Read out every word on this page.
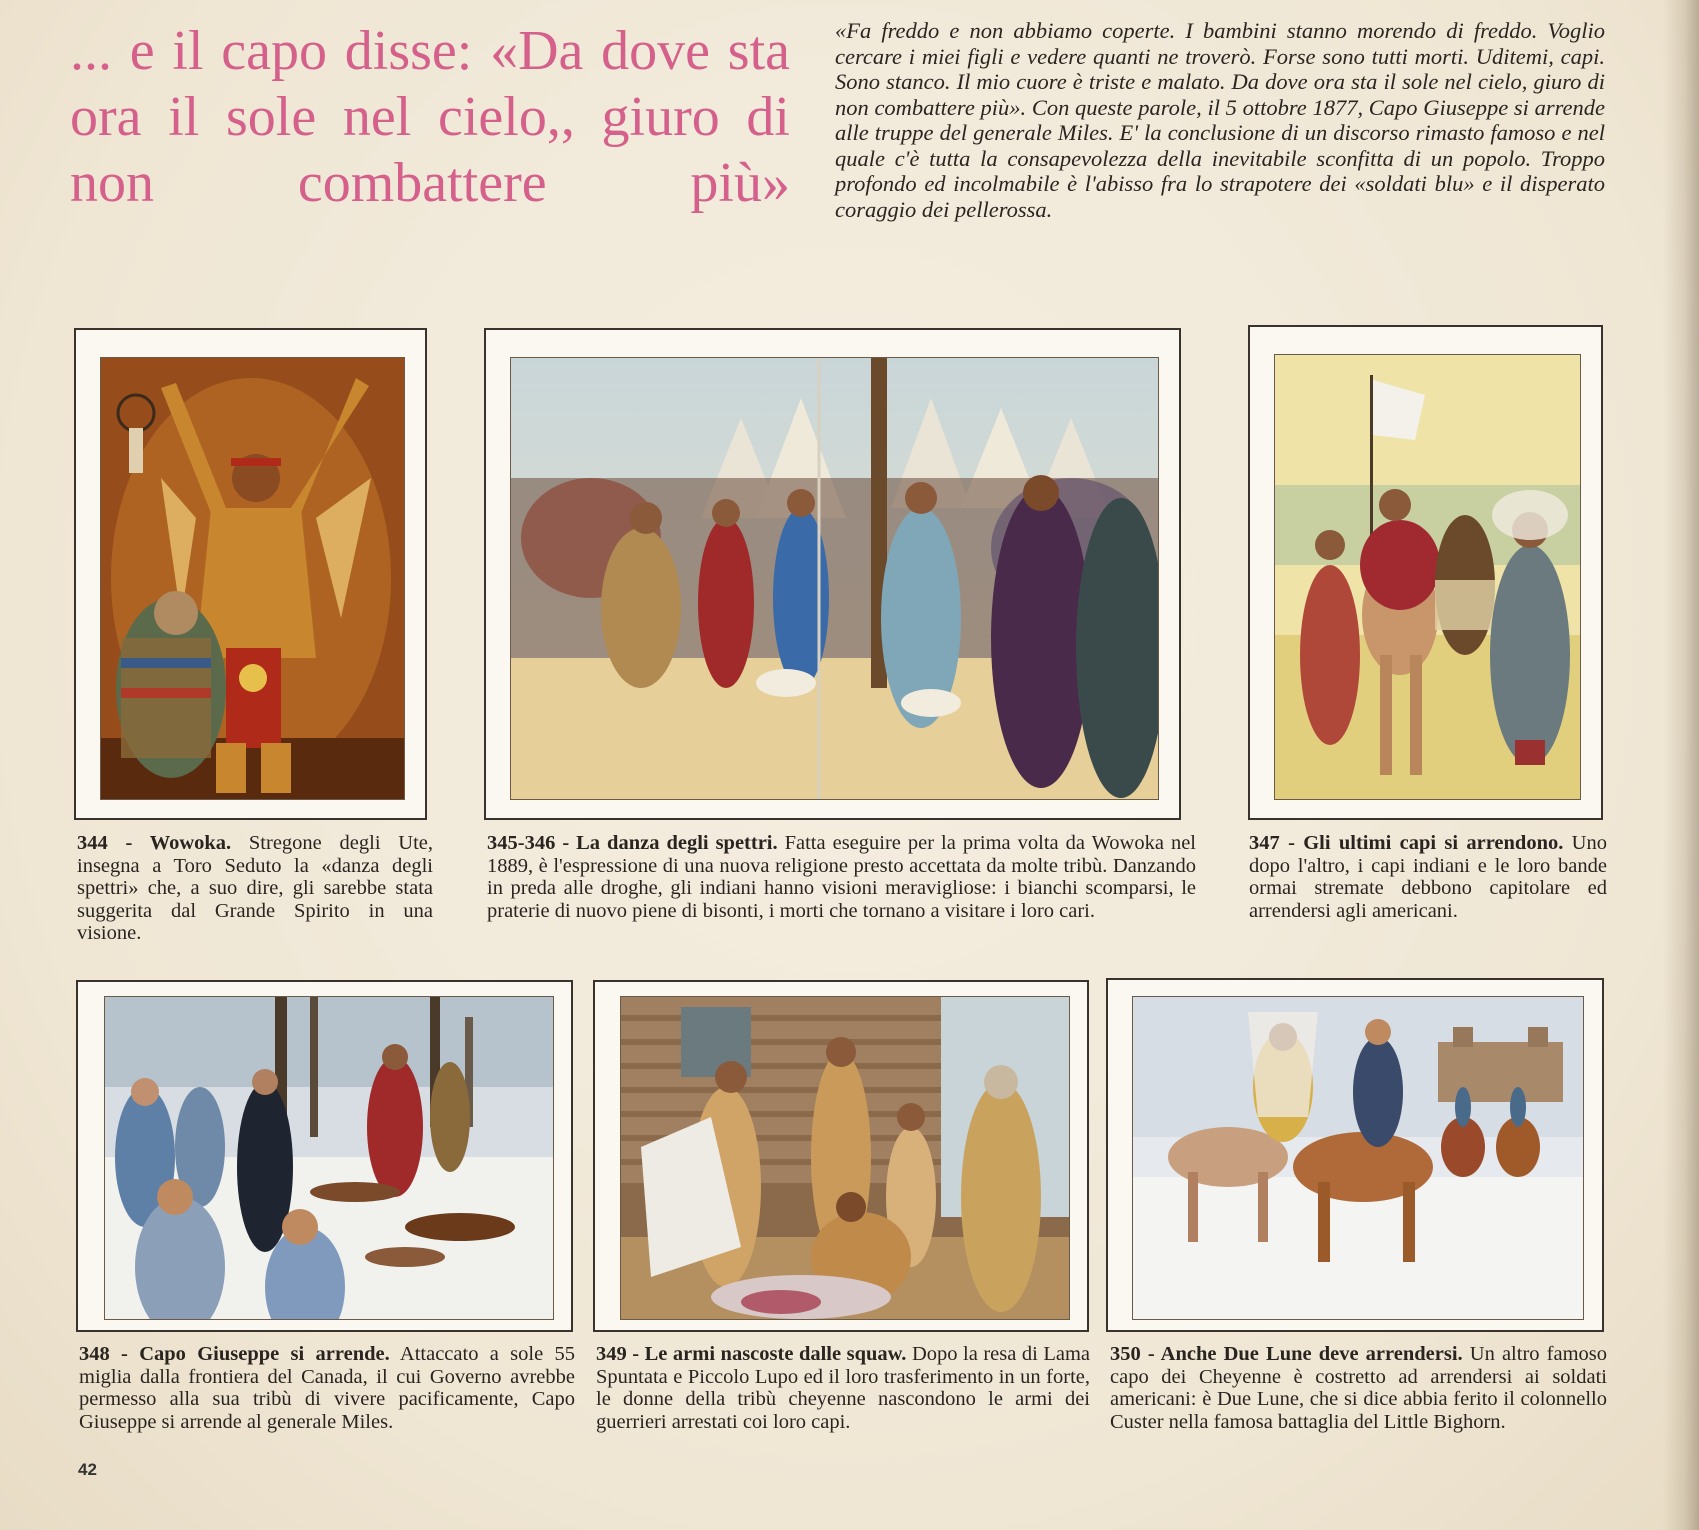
... e il capo disse: «Da dove sta ora il sole nel cielo,, giuro di non combattere più»

«Fa freddo e non abbiamo coperte. I bambini stanno morendo di freddo. Voglio cercare i miei figli e vedere quanti ne troverò. Forse sono tutti morti. Uditemi, capi. Sono stanco. Il mio cuore è triste e malato. Da dove ora sta il sole nel cielo, giuro di non combattere più». Con queste parole, il 5 ottobre 1877, Capo Giuseppe si arrende alle truppe del generale Miles. E' la conclusione di un discorso rimasto famoso e nel quale c'è tutta la consapevolezza della inevitabile sconfitta di un popolo. Troppo profondo ed incolmabile è l'abisso fra lo strapotere dei «soldati blu» e il disperato coraggio dei pellerossa.

344 - Wowoka. Stregone degli Ute, insegna a Toro Seduto la «danza degli spettri» che, a suo dire, gli sarebbe stata suggerita dal Grande Spirito in una visione.

345-346 - La danza degli spettri. Fatta eseguire per la prima volta da Wowoka nel 1889, è l'espressione di una nuova religione presto accettata da molte tribù. Danzando in preda alle droghe, gli indiani hanno visioni meravigliose: i bianchi scomparsi, le praterie di nuovo piene di bisonti, i morti che tornano a visitare i loro cari.

347 - Gli ultimi capi si arrendono. Uno dopo l'altro, i capi indiani e le loro bande ormai stremate debbono capitolare ed arrendersi agli americani.

348 - Capo Giuseppe si arrende. Attaccato a sole 55 miglia dalla frontiera del Canada, il cui Governo avrebbe permesso alla sua tribù di vivere pacificamente, Capo Giuseppe si arrende al generale Miles.

349 - Le armi nascoste dalle squaw. Dopo la resa di Lama Spuntata e Piccolo Lupo ed il loro trasferimento in un forte, le donne della tribù cheyenne nascondono le armi dei guerrieri arrestati coi loro capi.

350 - Anche Due Lune deve arrendersi. Un altro famoso capo dei Cheyenne è costretto ad arrendersi ai soldati americani: è Due Lune, che si dice abbia ferito il colonnello Custer nella famosa battaglia del Little Bighorn.

42
